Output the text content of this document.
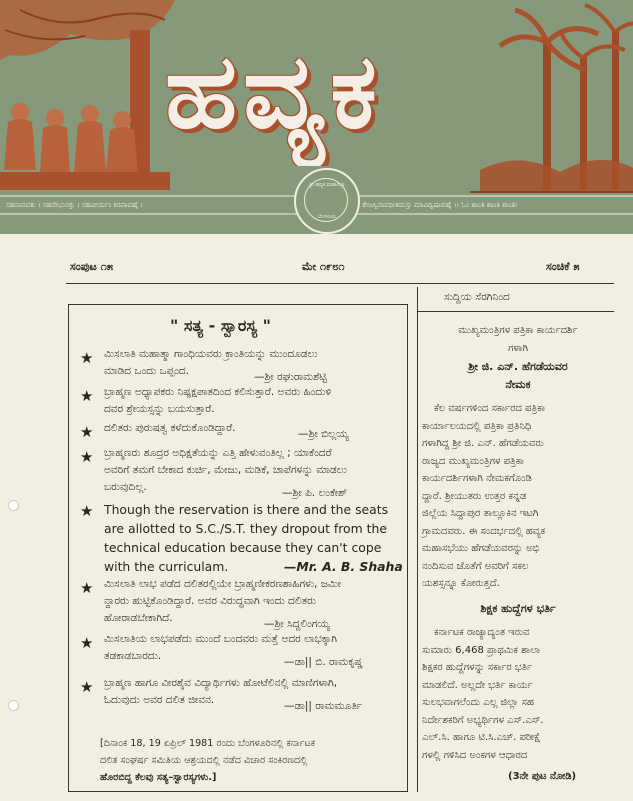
ಹವ್ಯಕ
ಸಹನಾವವತು । ಸಹನೌಭುನಕ್ತು । ಸಹವೀರ್ಯಂ ಕರವಾವಹೈ ।	ತೇಜಸ್ವಿನಾವಧೀತಮಸ್ತು ಮಾವಿದ್ವಿಷಾವಹೈ ।। ಓಂ ಶಾಂತಿ ಶಾಂತಿ ಶಾಂತಿಃ
ಶ್ರೀ ಹವ್ಯಕ ಮಹಾಸಭಾ
ಬೆಂಗಳೂರು
ಸಂಪುಟ ೧೫	ಮೇ ೧೯೮೧	ಸಂಚಿಕೆ ೫
" ಸತ್ಯ - ಸ್ವಾರಸ್ಯ "
★ ಮಿಸಲಾತಿ ಮಹಾತ್ಮಾ ಗಾಂಧಿಯವರು ಕ್ರಾಂತಿಯನ್ನು ಮುಂದೂಡಲು
ಮಾಡಿದ ಒಂದು ಒಪ್ಪಂದ.	—ಶ್ರೀ ರಘುರಾಮಶೆಟ್ಟಿ
★ ಬ್ರಾಹ್ಮಣ ಅಧ್ಯಾಪಕರು ನಿಷ್ಪಕ್ಷಪಾತದಿಂದ ಕಲಿಸುತ್ತಾರೆ. ಅವರು ಹಿಂದುಳಿ
ದವರ ಶ್ರೇಯಸ್ಸನ್ನು ಬಯಸುತ್ತಾರೆ.
★ ದಲಿತರು ಪುರುಷತ್ವ ಕಳೆದುಕೊಂಡಿದ್ದಾರೆ.	—ಶ್ರೀ ಬಿಲ್ಲಯ್ಯ
★ ಬ್ರಾಹ್ಮಣರು ಶೂದ್ರರ ಅಧಿಕ್ಷತೆಯನ್ನು ಎತ್ತಿ ಹೇಳುವಂತಿಲ್ಲ ; ಯಾಕೆಂದರೆ
ಅವರಿಗೆ ತಮಗೆ ಬೇಕಾದ ಕುರ್ಚಿ, ಮೇಜು, ಮಡಿಕೆ, ಚಾಪೆಗಳನ್ನು ಮಾಡಲು
ಬರುವುದಿಲ್ಲ.	—ಶ್ರೀ ಪಿ. ಲಂಕೇಶ್
★ Though the reservation is there and the seats
are allotted to S.C./S.T. they dropout from the
technical education because they can't cope
with the curriculam.	—Mr. A. B. Shaha
★ ಮಿಸಲಾತಿ ಲಾಭ ಪಡೆದ ದಲಿತರಲ್ಲಿಯೇ ಬ್ರಾಹ್ಮಣೀಕರಣಶಾಹಿಗಳು, ಜಮೀ
ನ್ದಾರರು ಹುಟ್ಟಿಕೊಂಡಿದ್ದಾರೆ. ಅವರ ವಿರುದ್ಧವಾಗಿ ಇಂದು ದಲಿತರು
ಹೋರಾಡಬೇಕಾಗಿದೆ.	—ಶ್ರೀ ಸಿದ್ದಲಿಂಗಯ್ಯ
★ ಮಿಸಲಾತಿಯ ಲಾಭಪಡೆದು ಮುಂದೆ ಬಂದವರು ಮತ್ತೆ ಅದರ ಲಾಭಕ್ಕಾಗಿ
ತಡಕಾಡಬಾರದು.	—ಡಾ|| ಬಿ. ರಾಮಕೃಷ್ಣ
★ ಬ್ರಾಹ್ಮಣ ಹಾಗೂ ವೀರಶೈವ ವಿದ್ಯಾರ್ಥಿಗಳು ಹೋಟೆಲಿನಲ್ಲಿ ಮಾಣಿಗಳಾಗಿ,
ಓದುವುದು ಅವರ ದಲಿತ ಜೀವನ.	—ಡಾ|| ರಾಮಮೂರ್ತಿ
[ದಿನಾಂಕ 18, 19 ಏಪ್ರಿಲ್ 1981 ರಂದು ಬೆಂಗಳೂರಿನಲ್ಲಿ ಕರ್ನಾಟಕ
ದಲಿತ ಸಂಘರ್ಷ ಸಮಿತಿಯ ಆಶ್ರಯದಲ್ಲಿ ನಡೆದ ವಿಚಾರ ಸಂಕಿರಣದಲ್ಲಿ
ಹೊರಬಿದ್ದ ಕೆಲವು ಸತ್ಯ–ಸ್ವಾರಸ್ಯಗಳು.]
ಸುದ್ದಿಯ ಸೆರಗಿನಿಂದ
ಮುಖ್ಯಮಂತ್ರಿಗಳ ಪತ್ರಿಕಾ ಕಾರ್ಯದರ್ಶಿ
ಗಳಾಗಿ
ಶ್ರೀ ಜಿ. ಎನ್. ಹೆಗಡೆಯವರ
ನೇಮಕ
ಕೆಲ ವರ್ಷಗಳಿಂದ ಸರ್ಕಾರದ ಪತ್ರಿಕಾ
ಕಾರ್ಯಾಲಯದಲ್ಲಿ ಪತ್ರಿಕಾ ಪ್ರತಿನಿಧಿ
ಗಳಾಗಿದ್ದ ಶ್ರೀ ಜಿ. ಎನ್. ಹೆಗಡೆಯವರು
ರಾಜ್ಯದ ಮುಖ್ಯಮಂತ್ರಿಗಳ ಪತ್ರಿಕಾ
ಕಾರ್ಯದರ್ಶಿಗಳಾಗಿ ನೇಮಕಗೊಂಡಿ
ದ್ದಾರೆ. ಶ್ರೀಯುತರು ಉತ್ತರ ಕನ್ನಡ
ಜಿಲ್ಲೆಯ ಸಿದ್ದಾಪುರ ತಾಲ್ಲೂಕಿನ ಇಟಗಿ
ಗ್ರಾಮದವರು. ಈ ಸಂದರ್ಭದಲ್ಲಿ ಹವ್ಯಕ
ಮಹಾಸಭೆಯು ಹೆಗಡೆಯವರನ್ನು ಅಭಿ
ನಂದಿಸುವ ಜೊತೆಗೆ ಅವರಿಗೆ ಸಕಲ
ಯಶಸ್ಸನ್ನೂ ಕೋರುತ್ತದೆ.
ಶಿಕ್ಷಕ ಹುದ್ದೆಗಳ ಭರ್ತಿ
ಕರ್ನಾಟಕ ರಾಜ್ಯಾದ್ಯಂತ ಇರುವ
ಸುಮಾರು 6,468 ಪ್ರಾಥಮಿಕ ಶಾಲಾ
ಶಿಕ್ಷಕರ ಹುದ್ದೆಗಳನ್ನು ಸರ್ಕಾರ ಭರ್ತಿ
ಮಾಡಲಿದೆ. ಅಲ್ಲದೇ ಭರ್ತಿ ಕಾರ್ಯ
ಸುಲಭವಾಗಲೆಂದು ಎಲ್ಲ ಜಿಲ್ಲಾ ಸಹ
ನಿರ್ದೇಶಕರಿಗೆ ಅಭ್ಯರ್ಥಿಗಳ ಎಸ್.ಎಸ್.
ಎಲ್.ಸಿ. ಹಾಗೂ ಟಿ.ಸಿ.ಎಚ್. ಪರೀಕ್ಷೆ
ಗಳಲ್ಲಿ ಗಳಿಸಿದ ಅಂಕಗಳ ಆಧಾರದ
(3ನೇ ಪುಟ ನೋಡಿ)
